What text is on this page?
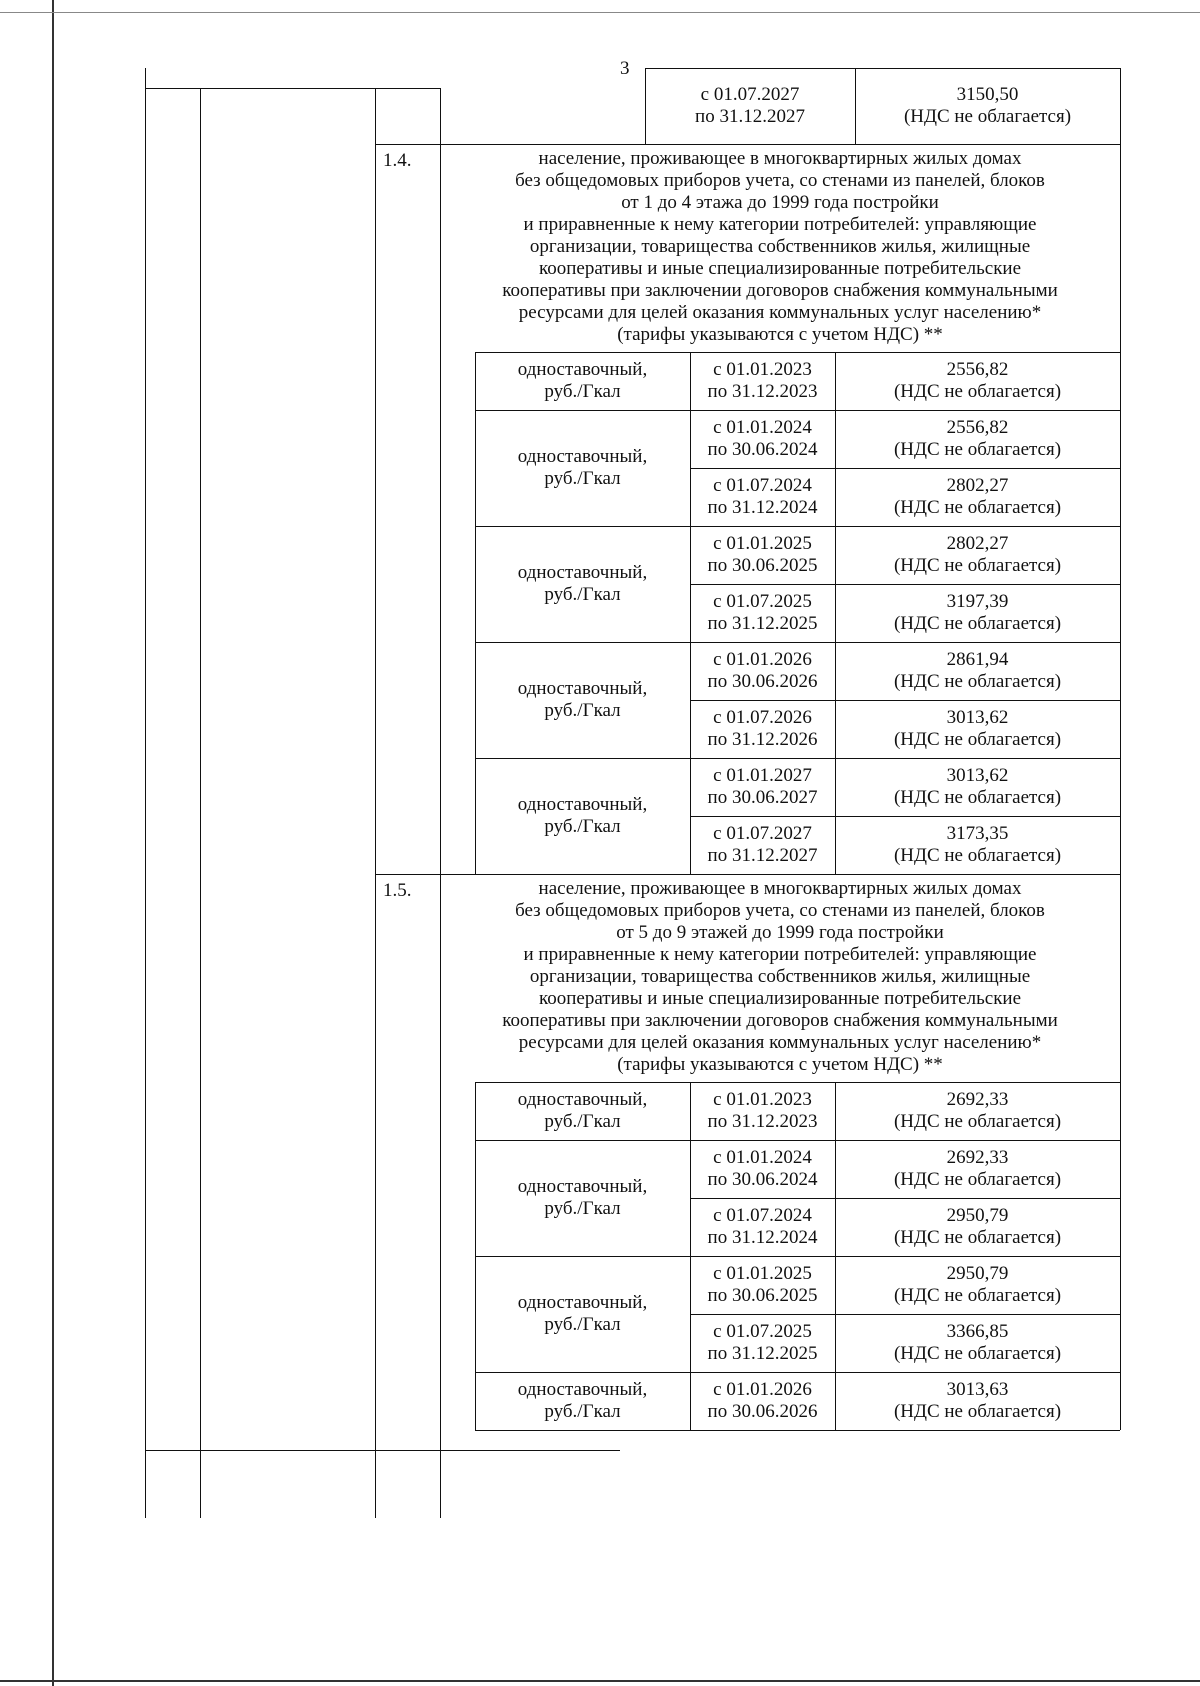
3
с 01.07.2027
по 31.12.2027
3150,50
(НДС не облагается)
1.4.	население, проживающее в многоквартирных жилых домах
без общедомовых приборов учета, со стенами из панелей, блоков
от 1 до 4 этажа до 1999 года постройки
и приравненные к нему категории потребителей: управляющие
организации, товарищества собственников жилья, жилищные
кооперативы и иные специализированные потребительские
кооперативы при заключении договоров снабжения коммунальными
ресурсами для целей оказания коммунальных услуг населению*
(тарифы указываются с учетом НДС) **
одноставочный,
руб./Гкал
с 01.01.2023
по 31.12.2023
2556,82
(НДС не облагается)
одноставочный,
руб./Гкал
с 01.01.2024
по 30.06.2024
2556,82
(НДС не облагается)
с 01.07.2024
по 31.12.2024
2802,27
(НДС не облагается)
одноставочный,
руб./Гкал
с 01.01.2025
по 30.06.2025
2802,27
(НДС не облагается)
с 01.07.2025
по 31.12.2025
3197,39
(НДС не облагается)
одноставочный,
руб./Гкал
с 01.01.2026
по 30.06.2026
2861,94
(НДС не облагается)
с 01.07.2026
по 31.12.2026
3013,62
(НДС не облагается)
одноставочный,
руб./Гкал
с 01.01.2027
по 30.06.2027
3013,62
(НДС не облагается)
с 01.07.2027
по 31.12.2027
3173,35
(НДС не облагается)
1.5.	население, проживающее в многоквартирных жилых домах
без общедомовых приборов учета, со стенами из панелей, блоков
от 5 до 9 этажей до 1999 года постройки
и приравненные к нему категории потребителей: управляющие
организации, товарищества собственников жилья, жилищные
кооперативы и иные специализированные потребительские
кооперативы при заключении договоров снабжения коммунальными
ресурсами для целей оказания коммунальных услуг населению*
(тарифы указываются с учетом НДС) **
одноставочный,
руб./Гкал
с 01.01.2023
по 31.12.2023
2692,33
(НДС не облагается)
одноставочный,
руб./Гкал
с 01.01.2024
по 30.06.2024
2692,33
(НДС не облагается)
с 01.07.2024
по 31.12.2024
2950,79
(НДС не облагается)
одноставочный,
руб./Гкал
с 01.01.2025
по 30.06.2025
2950,79
(НДС не облагается)
с 01.07.2025
по 31.12.2025
3366,85
(НДС не облагается)
одноставочный,
руб./Гкал
с 01.01.2026
по 30.06.2026
3013,63
(НДС не облагается)
